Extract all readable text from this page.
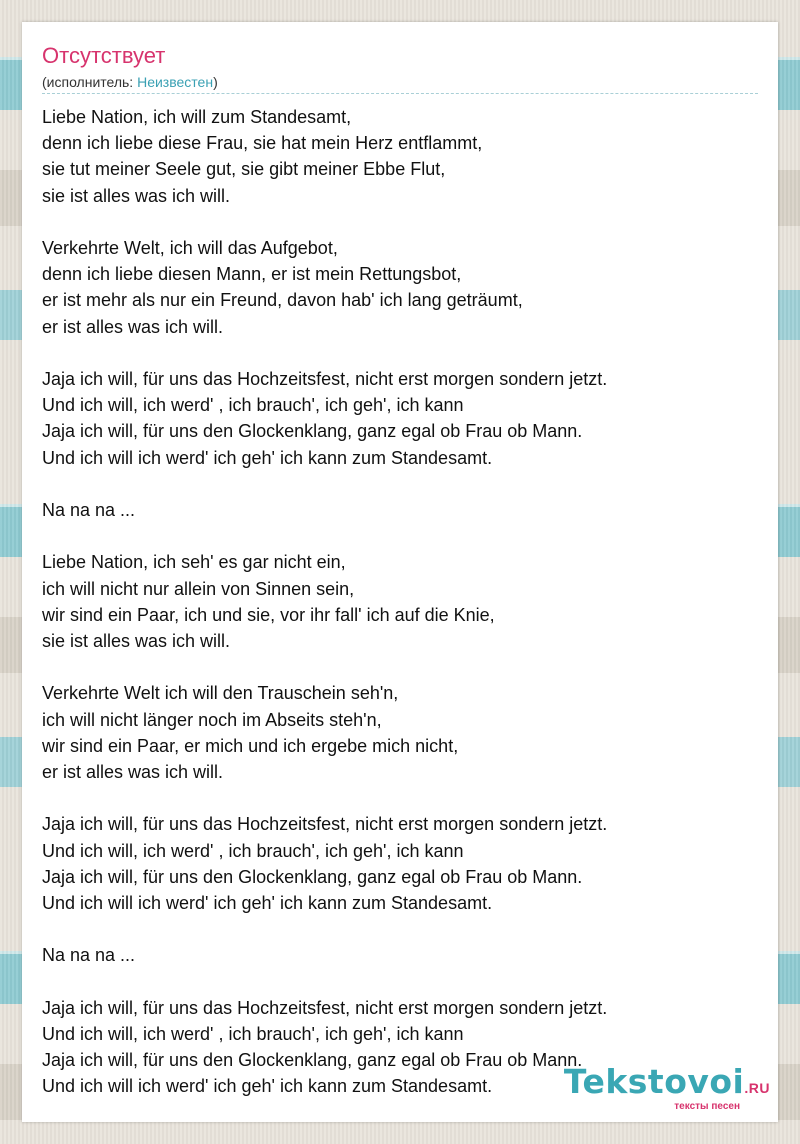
Отсутствует
(исполнитель: Неизвестен)

Liebe Nation, ich will zum Standesamt,
denn ich liebe diese Frau, sie hat mein Herz entflammt,
sie tut meiner Seele gut, sie gibt meiner Ebbe Flut,
sie ist alles was ich will.

Verkehrte Welt, ich will das Aufgebot,
denn ich liebe diesen Mann, er ist mein Rettungsbot,
er ist mehr als nur ein Freund, davon hab' ich lang geträumt,
er ist alles was ich will.

Jaja ich will, für uns das Hochzeitsfest, nicht erst morgen sondern jetzt.
Und ich will, ich werd' , ich brauch', ich geh', ich kann
Jaja ich will, für uns den Glockenklang, ganz egal ob Frau ob Mann.
Und ich will ich werd' ich geh' ich kann zum Standesamt.

Na na na ...

Liebe Nation, ich seh' es gar nicht ein,
ich will nicht nur allein von Sinnen sein,
wir sind ein Paar, ich und sie, vor ihr fall' ich auf die Knie,
sie ist alles was ich will.

Verkehrte Welt ich will den Trauschein seh'n,
ich will nicht länger noch im Abseits steh'n,
wir sind ein Paar, er mich und ich ergebe mich nicht,
er ist alles was ich will.

Jaja ich will, für uns das Hochzeitsfest, nicht erst morgen sondern jetzt.
Und ich will, ich werd' , ich brauch', ich geh', ich kann
Jaja ich will, für uns den Glockenklang, ganz egal ob Frau ob Mann.
Und ich will ich werd' ich geh' ich kann zum Standesamt.

Na na na ...

Jaja ich will, für uns das Hochzeitsfest, nicht erst morgen sondern jetzt.
Und ich will, ich werd' , ich brauch', ich geh', ich kann
Jaja ich will, für uns den Glockenklang, ganz egal ob Frau ob Mann.
Und ich will ich werd' ich geh' ich kann zum Standesamt.	Tekstovoi.RU
тексты песен
